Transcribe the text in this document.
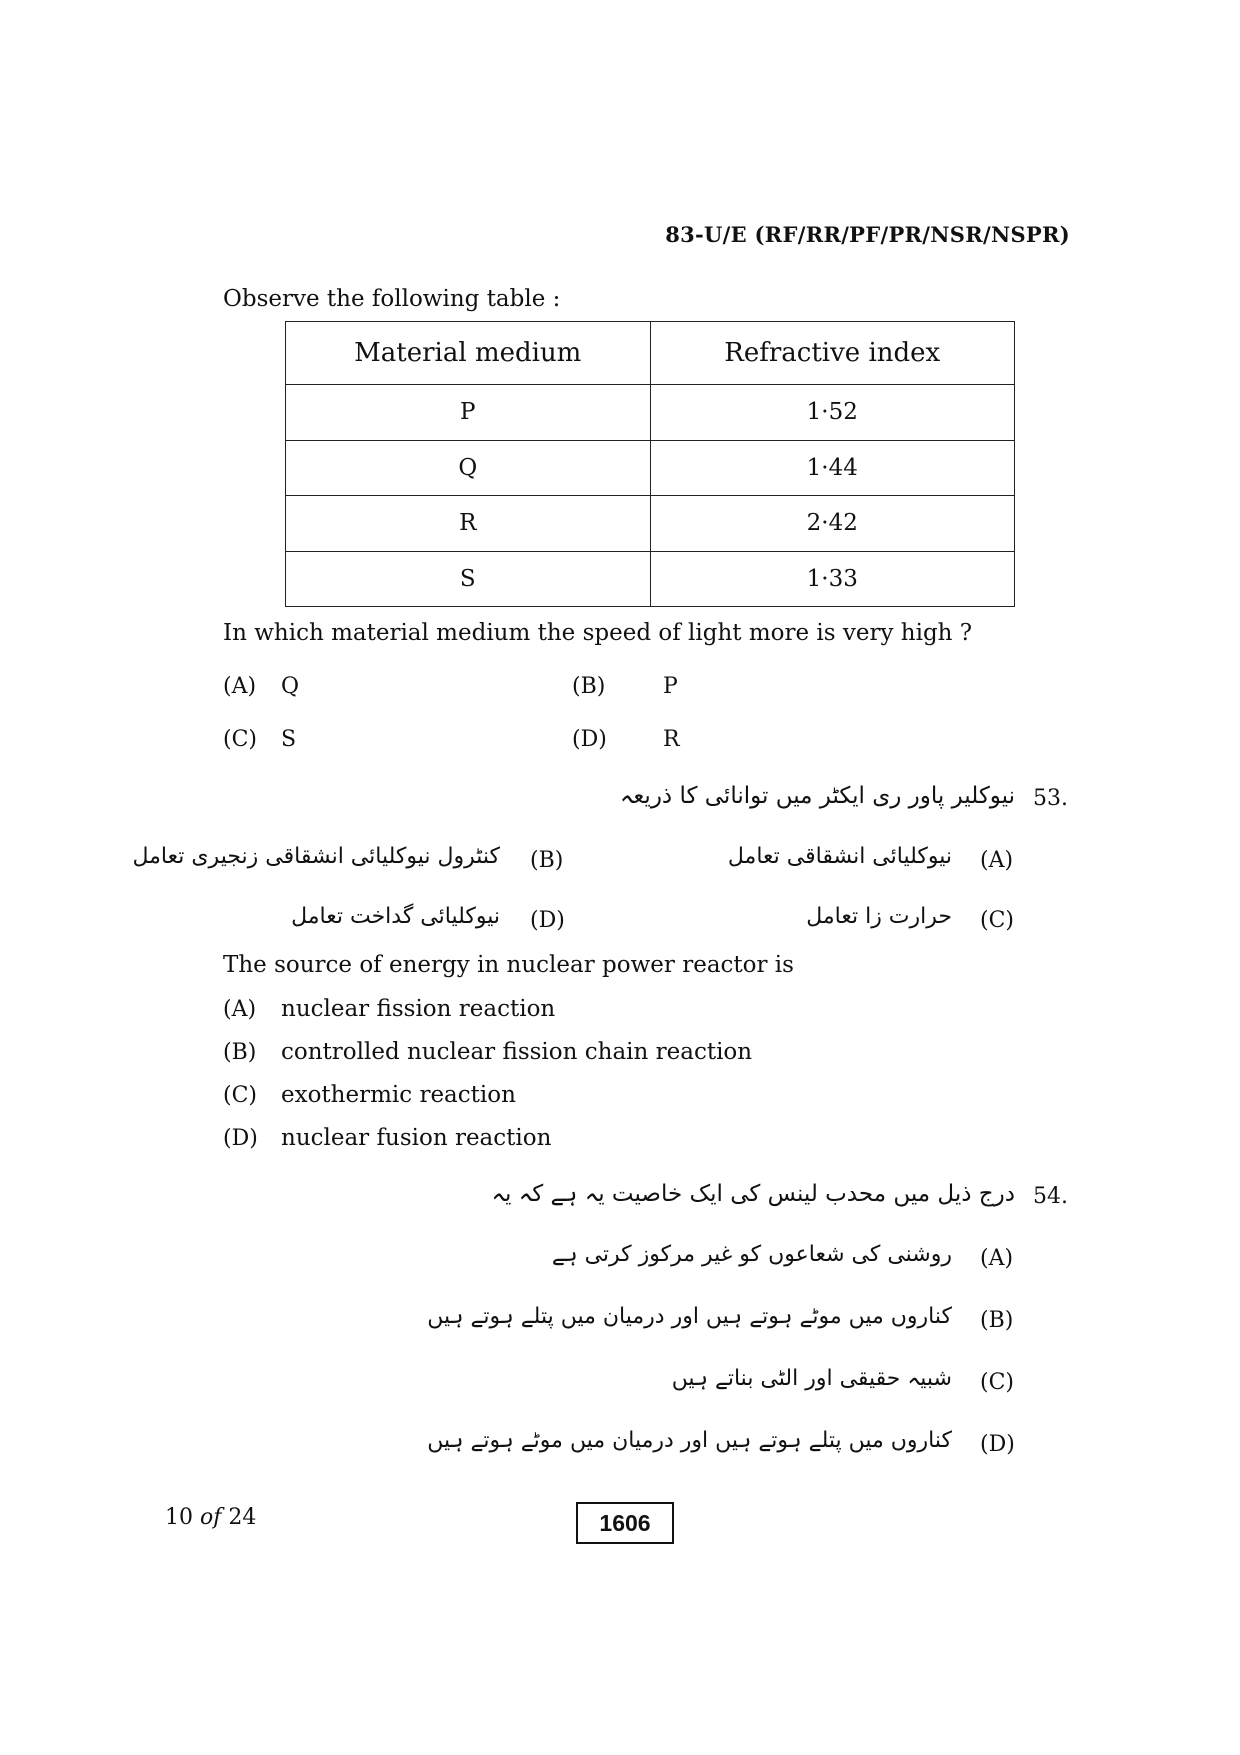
83-U/E (RF/RR/PF/PR/NSR/NSPR)
Observe the following table :
Material medium	Refractive index
P	1·52
Q	1·44
R	2·42
S	1·33
In which material medium the speed of light more is very high ?
(A) Q	(B)	P
(C) S	(D)	R
53.
نیوکلیر پاور ری ایکٹر میں توانائی کا ذریعہ
(A)
نیوکلیائی انشقاقی تعامل
(B)
کنٹرول نیوکلیائی انشقاقی زنجیری تعامل
(C)
حرارت زا تعامل
(D)
نیوکلیائی گداخت تعامل
The source of energy in nuclear power reactor is
(A) nuclear fission reaction
(B) controlled nuclear fission chain reaction
(C) exothermic reaction
(D) nuclear fusion reaction
54.
درج ذیل میں محدب لینس کی ایک خاصیت یہ ہے کہ یہ
(A)
روشنی کی شعاعوں کو غیر مرکوز کرتی ہے
(B)
کناروں میں موٹے ہوتے ہیں اور درمیان میں پتلے ہوتے ہیں
(C)
شبیہ حقیقی اور الٹی بناتے ہیں
(D)
کناروں میں پتلے ہوتے ہیں اور درمیان میں موٹے ہوتے ہیں
10 of 24	1606
